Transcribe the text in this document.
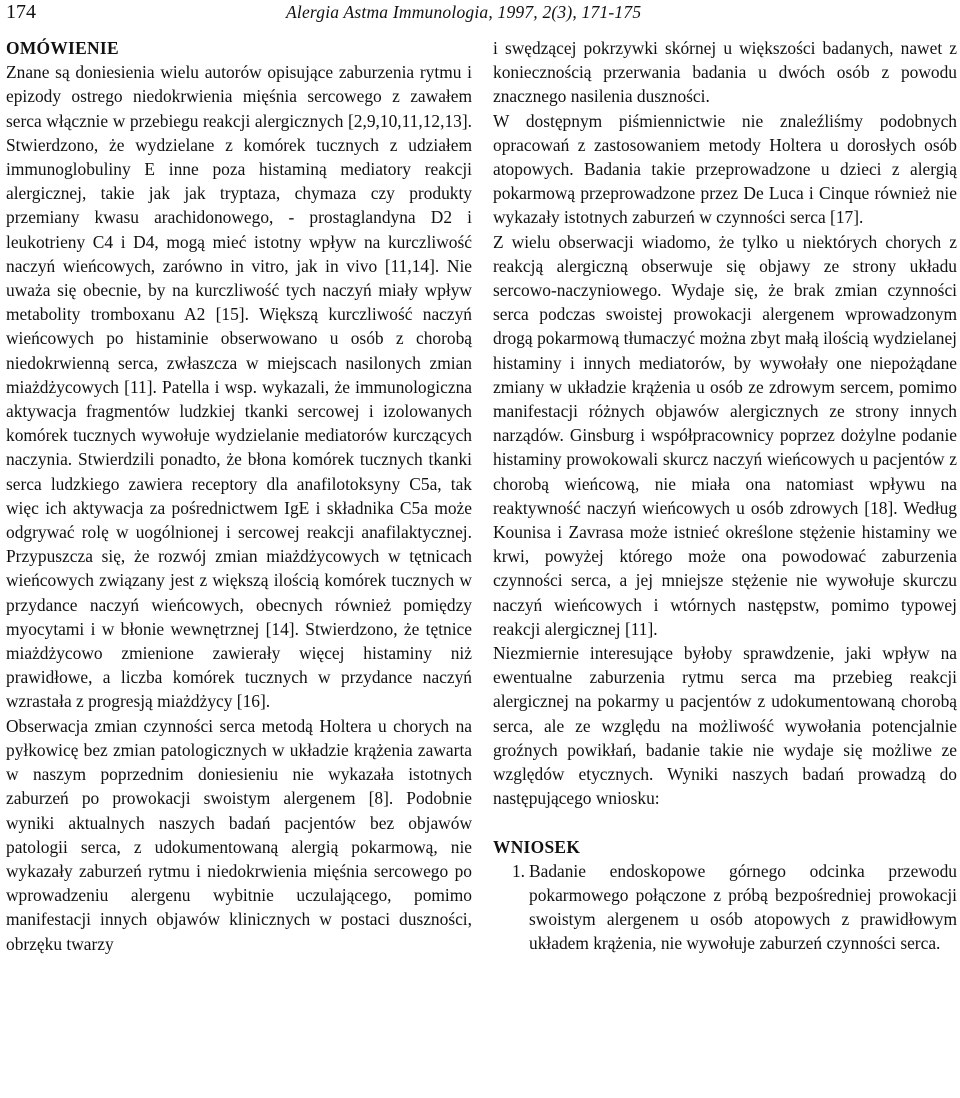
174	Alergia Astma Immunologia, 1997, 2(3), 171-175
OMÓWIENIE

Znane są doniesienia wielu autorów opisujące zaburzenia rytmu i epizody ostrego niedokrwienia mięśnia sercowego z zawałem serca włącznie w przebiegu reakcji alergicznych [2,9,10,11,12,13]. Stwierdzono, że wydzielane z komórek tucznych z udziałem immunoglobuliny E inne poza histaminą mediatory reakcji alergicznej, takie jak jak tryptaza, chymaza czy produkty przemiany kwasu arachidonowego, - prostaglandyna D2 i leukotrieny C4 i D4, mogą mieć istotny wpływ na kurczliwość naczyń wieńcowych, zarówno in vitro, jak in vivo [11,14]. Nie uważa się obecnie, by na kurczliwość tych naczyń miały wpływ metabolity tromboxanu A2 [15]. Większą kurczliwość naczyń wieńcowych po histaminie obserwowano u osób z chorobą niedokrwienną serca, zwłaszcza w miejscach nasilonych zmian miażdżycowych [11]. Patella i wsp. wykazali, że immunologiczna aktywacja fragmentów ludzkiej tkanki sercowej i izolowanych komórek tucznych wywołuje wydzielanie mediatorów kurczących naczynia. Stwierdzili ponadto, że błona komórek tucznych tkanki serca ludzkiego zawiera receptory dla anafilotoksyny C5a, tak więc ich aktywacja za pośrednictwem IgE i składnika C5a może odgrywać rolę w uogólnionej i sercowej reakcji anafilaktycznej. Przypuszcza się, że rozwój zmian miażdżycowych w tętnicach wieńcowych związany jest z większą ilością komórek tucznych w przydance naczyń wieńcowych, obecnych również pomiędzy myocytami i w błonie wewnętrznej [14]. Stwierdzono, że tętnice miażdżycowo zmienione zawierały więcej histaminy niż prawidłowe, a liczba komórek tucznych w przydance naczyń wzrastała z progresją miażdżycy [16].

Obserwacja zmian czynności serca metodą Holtera u chorych na pyłkowicę bez zmian patologicznych w układzie krążenia zawarta w naszym poprzednim doniesieniu nie wykazała istotnych zaburzeń po prowokacji swoistym alergenem [8]. Podobnie wyniki aktualnych naszych badań pacjentów bez objawów patologii serca, z udokumentowaną alergią pokarmową, nie wykazały zaburzeń rytmu i niedokrwienia mięśnia sercowego po wprowadzeniu alergenu wybitnie uczulającego, pomimo manifestacji innych objawów klinicznych w postaci duszności, obrzęku twarzy

i swędzącej pokrzywki skórnej u większości badanych, nawet z koniecznością przerwania badania u dwóch osób z powodu znacznego nasilenia duszności.

W dostępnym piśmiennictwie nie znaleźliśmy podobnych opracowań z zastosowaniem metody Holtera u dorosłych osób atopowych. Badania takie przeprowadzone u dzieci z alergią pokarmową przeprowadzone przez De Luca i Cinque również nie wykazały istotnych zaburzeń w czynności serca [17].

Z wielu obserwacji wiadomo, że tylko u niektórych chorych z reakcją alergiczną obserwuje się objawy ze strony układu sercowo-naczyniowego. Wydaje się, że brak zmian czynności serca podczas swoistej prowokacji alergenem wprowadzonym drogą pokarmową tłumaczyć można zbyt małą ilością wydzielanej histaminy i innych mediatorów, by wywołały one niepożądane zmiany w układzie krążenia u osób ze zdrowym sercem, pomimo manifestacji różnych objawów alergicznych ze strony innych narządów. Ginsburg i współpracownicy poprzez dożylne podanie histaminy prowokowali skurcz naczyń wieńcowych u pacjentów z chorobą wieńcową, nie miała ona natomiast wpływu na reaktywność naczyń wieńcowych u osób zdrowych [18]. Według Kounisa i Zavrasa może istnieć określone stężenie histaminy we krwi, powyżej którego może ona powodować zaburzenia czynności serca, a jej mniejsze stężenie nie wywołuje skurczu naczyń wieńcowych i wtórnych następstw, pomimo typowej reakcji alergicznej [11].

Niezmiernie interesujące byłoby sprawdzenie, jaki wpływ na ewentualne zaburzenia rytmu serca ma przebieg reakcji alergicznej na pokarmy u pacjentów z udokumentowaną chorobą serca, ale ze względu na możliwość wywołania potencjalnie groźnych powikłań, badanie takie nie wydaje się możliwe ze względów etycznych. Wyniki naszych badań prowadzą do następującego wniosku:

WNIOSEK
1. Badanie endoskopowe górnego odcinka przewodu pokarmowego połączone z próbą bezpośredniej prowokacji swoistym alergenem u osób atopowych z prawidłowym układem krążenia, nie wywołuje zaburzeń czynności serca.
